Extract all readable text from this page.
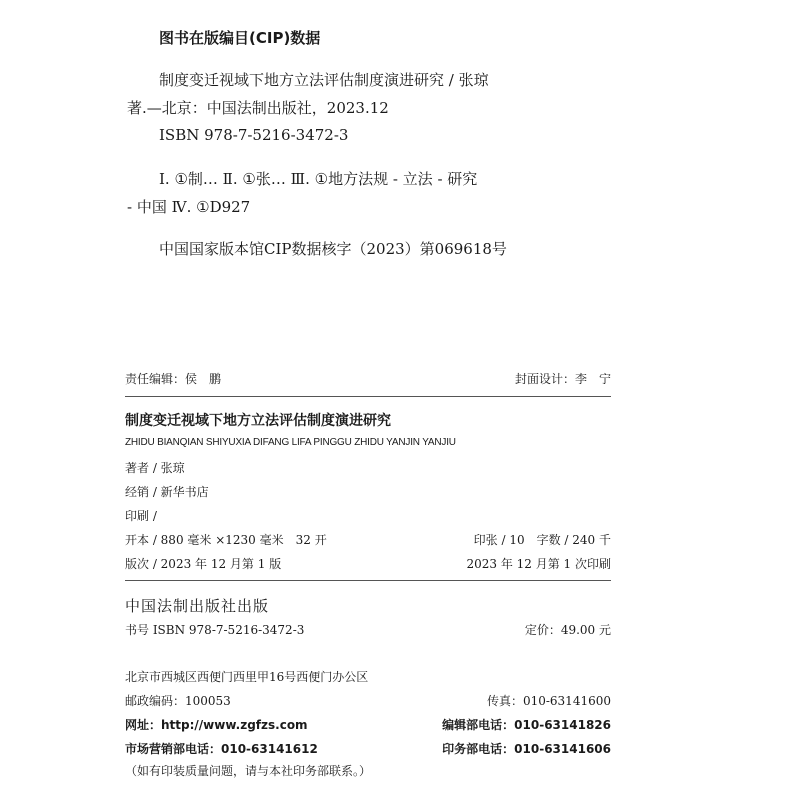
图书在版编目(CIP)数据
制度变迁视域下地方立法评估制度演进研究 / 张琼
著.—北京：中国法制出版社，2023.12
ISBN 978-7-5216-3472-3
Ⅰ. ①制… Ⅱ. ①张… Ⅲ. ①地方法规 - 立法 - 研究
- 中国 Ⅳ. ①D927
中国国家版本馆CIP数据核字（2023）第069618号
责任编辑：侯　鹏	封面设计：李　宁
制度变迁视域下地方立法评估制度演进研究
ZHIDU BIANQIAN SHIYUXIA DIFANG LIFA PINGGU ZHIDU YANJIN YANJIU
著者 / 张琼
经销 / 新华书店
印刷 /
开本 / 880 毫米 ×1230 毫米　32 开	印张 / 10　字数 / 240 千
版次 / 2023 年 12 月第 1 版	2023 年 12 月第 1 次印刷
中国法制出版社出版
书号 ISBN 978-7-5216-3472-3	定价：49.00 元
北京市西城区西便门西里甲16号西便门办公区
邮政编码：100053	传真：010-63141600
网址：http://www.zgfzs.com	编辑部电话：010-63141826
市场营销部电话：010-63141612	印务部电话：010-63141606
（如有印装质量问题，请与本社印务部联系。）
